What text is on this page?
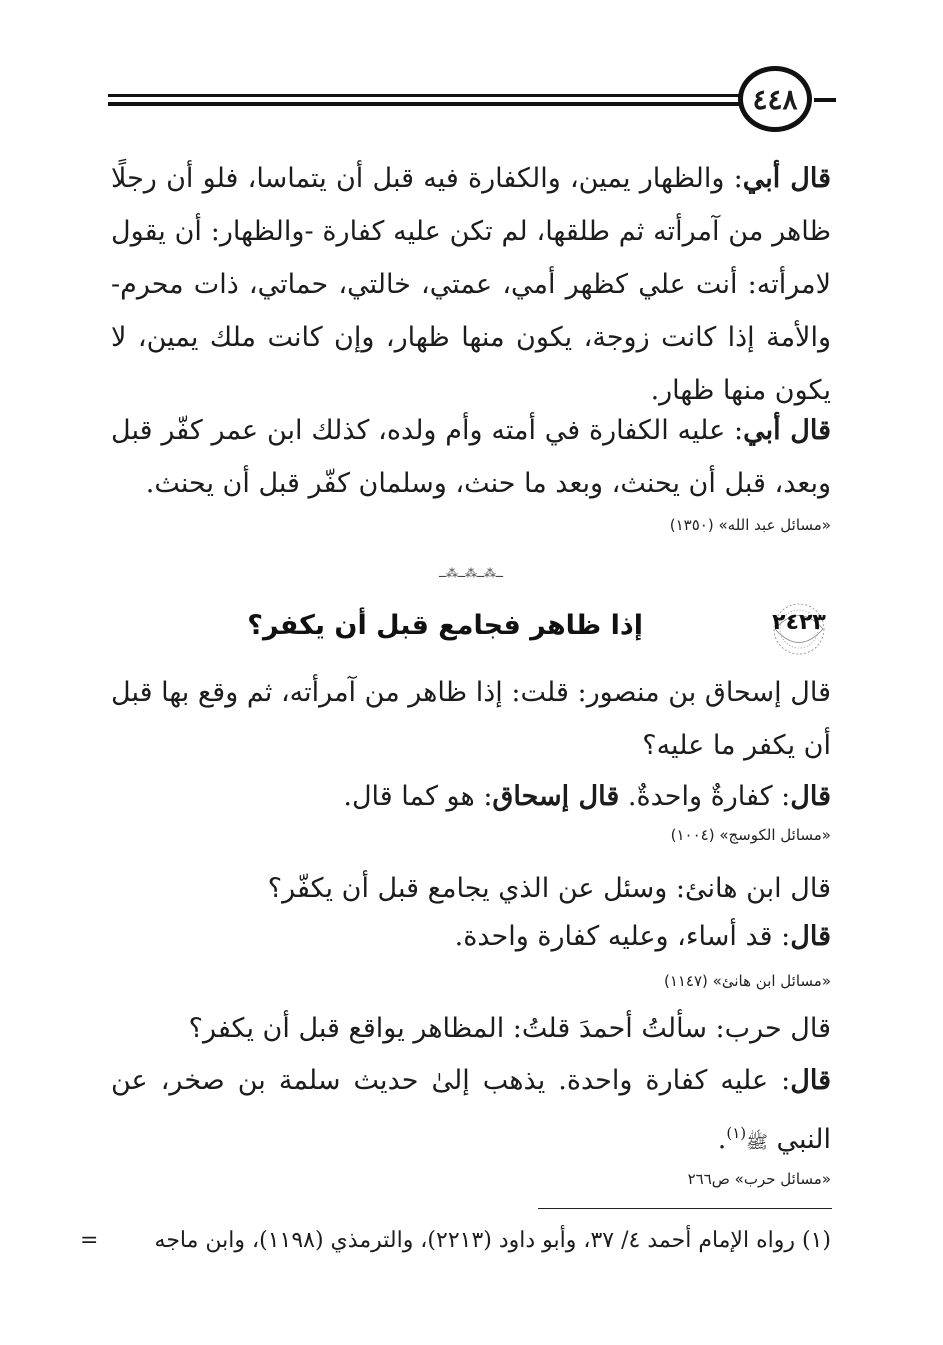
٤٤٨
قال أبي: والظهار يمين، والكفارة فيه قبل أن يتماسا، فلو أن رجلًا ظاهر من آمرأته ثم طلقها، لم تكن عليه كفارة -والظهار: أن يقول لامرأته: أنت علي كظهر أمي، عمتي، خالتي، حماتي، ذات محرم- والأمة إذا كانت زوجة، يكون منها ظهار، وإن كانت ملك يمين، لا يكون منها ظهار.
قال أبي: عليه الكفارة في أمته وأم ولده، كذلك ابن عمر كفّر قبل وبعد، قبل أن يحنث، وبعد ما حنث، وسلمان كفّر قبل أن يحنث.
«مسائل عبد الله» (١٣٥٠)
ــ⁂ــ⁂ــ⁂ــ
٢٤٢٣
إذا ظاهر فجامع قبل أن يكفر؟
قال إسحاق بن منصور: قلت: إذا ظاهر من آمرأته، ثم وقع بها قبل أن يكفر ما عليه؟
قال: كفارةٌ واحدةٌ. قال إسحاق: هو كما قال.
«مسائل الكوسج» (١٠٠٤)
قال ابن هانئ: وسئل عن الذي يجامع قبل أن يكفّر؟
قال: قد أساء، وعليه كفارة واحدة.
«مسائل ابن هانئ» (١١٤٧)
قال حرب: سألتُ أحمدَ قلتُ: المظاهر يواقع قبل أن يكفر؟
قال: عليه كفارة واحدة. يذهب إلىٰ حديث سلمة بن صخر، عن النبي ﷺ$^{(١)}$.
«مسائل حرب» ص٢٦٦
(١) رواه الإمام أحمد ٤/ ٣٧، وأبو داود (٢٢١٣)، والترمذي (١١٩٨)، وابن ماجه
=
